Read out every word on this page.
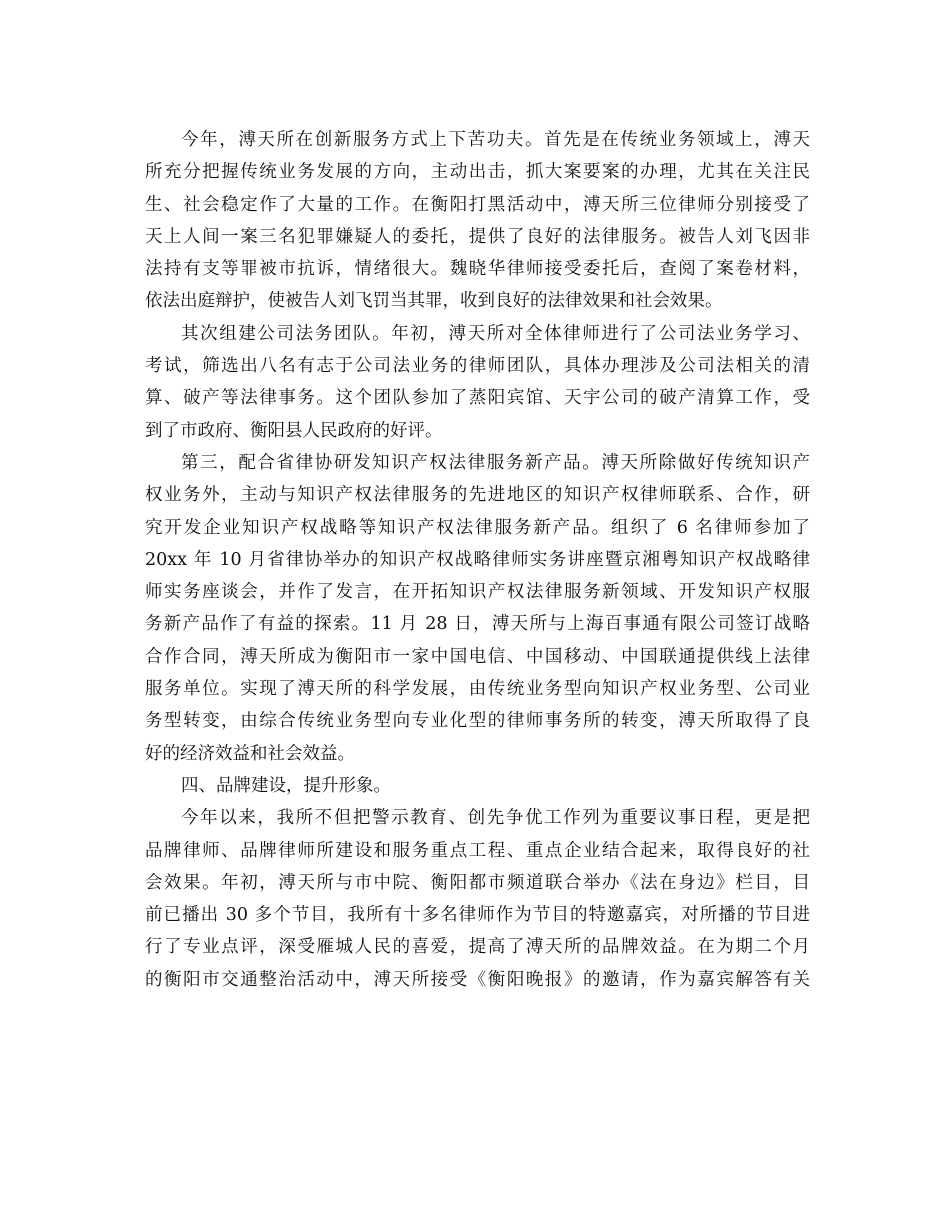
今年，溥天所在创新服务方式上下苦功夫。首先是在传统业务领域上，溥天
所充分把握传统业务发展的方向，主动出击，抓大案要案的办理，尤其在关注民
生、社会稳定作了大量的工作。在衡阳打黑活动中，溥天所三位律师分别接受了
天上人间一案三名犯罪嫌疑人的委托，提供了良好的法律服务。被告人刘飞因非
法持有支等罪被市抗诉，情绪很大。魏晓华律师接受委托后，查阅了案卷材料，
依法出庭辩护，使被告人刘飞罚当其罪，收到良好的法律效果和社会效果。
其次组建公司法务团队。年初，溥天所对全体律师进行了公司法业务学习、
考试，筛选出八名有志于公司法业务的律师团队，具体办理涉及公司法相关的清
算、破产等法律事务。这个团队参加了蒸阳宾馆、天宇公司的破产清算工作，受
到了市政府、衡阳县人民政府的好评。
第三，配合省律协研发知识产权法律服务新产品。溥天所除做好传统知识产
权业务外，主动与知识产权法律服务的先进地区的知识产权律师联系、合作，研
究开发企业知识产权战略等知识产权法律服务新产品。组织了 6 名律师参加了
20xx 年 10 月省律协举办的知识产权战略律师实务讲座暨京湘粤知识产权战略律
师实务座谈会，并作了发言，在开拓知识产权法律服务新领域、开发知识产权服
务新产品作了有益的探索。11 月 28 日，溥天所与上海百事通有限公司签订战略
合作合同，溥天所成为衡阳市一家中国电信、中国移动、中国联通提供线上法律
服务单位。实现了溥天所的科学发展，由传统业务型向知识产权业务型、公司业
务型转变，由综合传统业务型向专业化型的律师事务所的转变，溥天所取得了良
好的经济效益和社会效益。
四、品牌建设，提升形象。
今年以来，我所不但把警示教育、创先争优工作列为重要议事日程，更是把
品牌律师、品牌律师所建设和服务重点工程、重点企业结合起来，取得良好的社
会效果。年初，溥天所与市中院、衡阳都市频道联合举办《法在身边》栏目，目
前已播出 30 多个节目，我所有十多名律师作为节目的特邀嘉宾，对所播的节目进
行了专业点评，深受雁城人民的喜爱，提高了溥天所的品牌效益。在为期二个月
的衡阳市交通整治活动中，溥天所接受《衡阳晚报》的邀请，作为嘉宾解答有关
